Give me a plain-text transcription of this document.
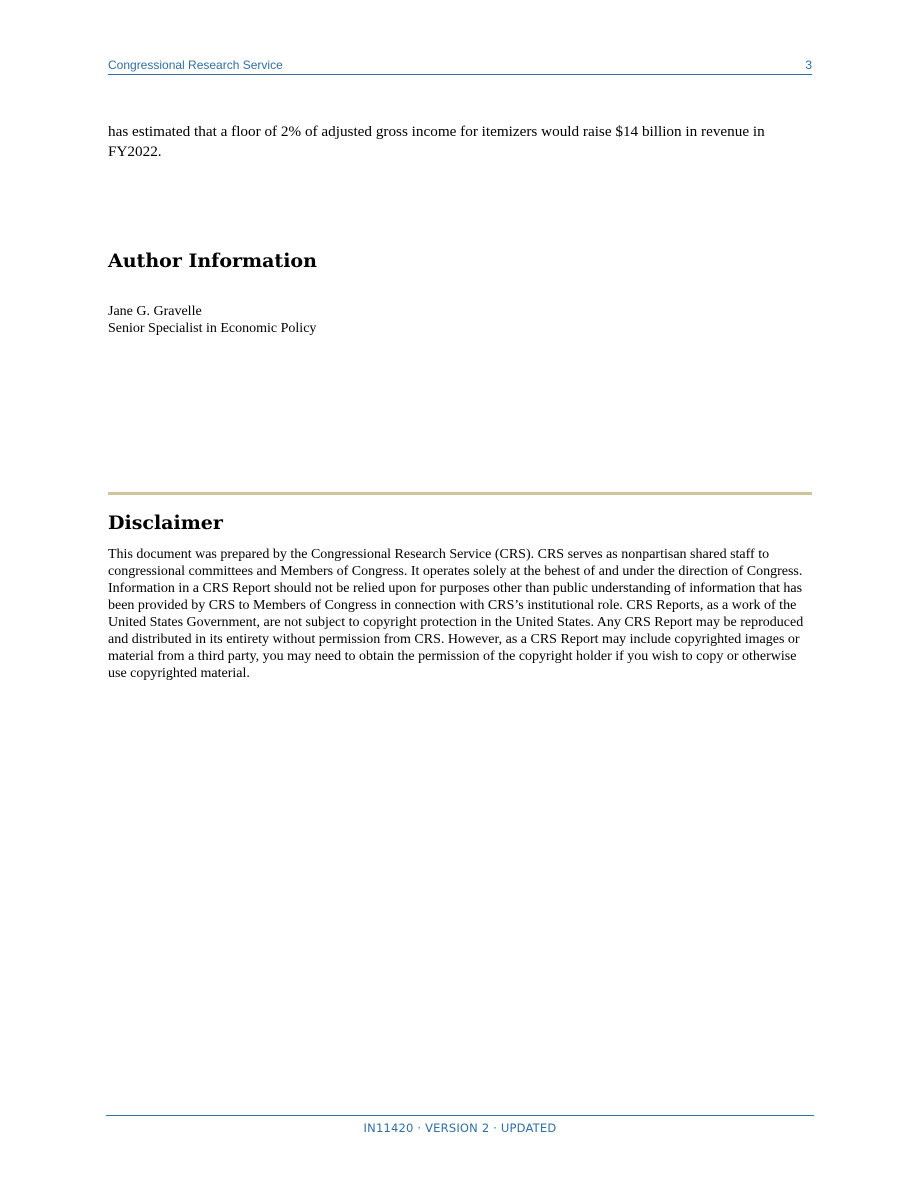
Congressional Research Service	3
has estimated that a floor of 2% of adjusted gross income for itemizers would raise $14 billion in revenue in FY2022.
Author Information
Jane G. Gravelle
Senior Specialist in Economic Policy
Disclaimer
This document was prepared by the Congressional Research Service (CRS). CRS serves as nonpartisan shared staff to congressional committees and Members of Congress. It operates solely at the behest of and under the direction of Congress. Information in a CRS Report should not be relied upon for purposes other than public understanding of information that has been provided by CRS to Members of Congress in connection with CRS’s institutional role. CRS Reports, as a work of the United States Government, are not subject to copyright protection in the United States. Any CRS Report may be reproduced and distributed in its entirety without permission from CRS. However, as a CRS Report may include copyrighted images or material from a third party, you may need to obtain the permission of the copyright holder if you wish to copy or otherwise use copyrighted material.
IN11420 · VERSION 2 · UPDATED
